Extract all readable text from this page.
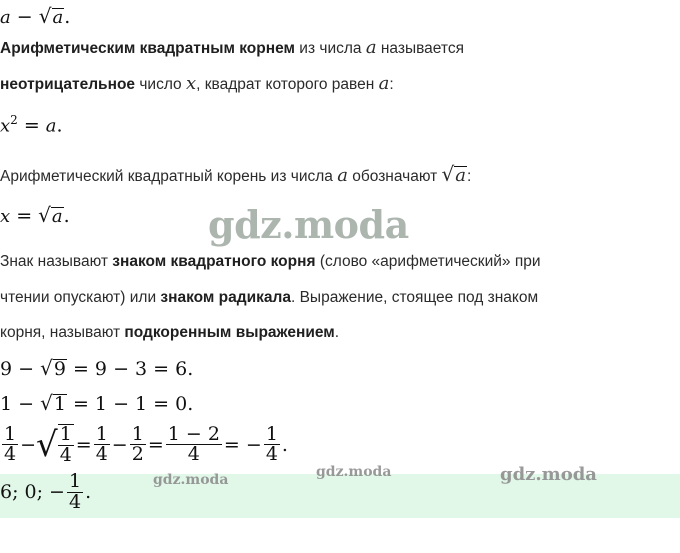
a − √a.
Арифметическим квадратным корнем из числа a называется
неотрицательное число x, квадрат которого равен a:
$x^2 = a$.
Арифметический квадратный корень из числа a обозначают √a:
x = √a.	gdz.moda
Знак называют знаком квадратного корня (слово «арифметический» при
чтении опускают) или знаком радикала. Выражение, стоящее под знаком
корня, называют подкоренным выражением.
9 − √9 = 9 − 3 = 6.
1 − √1 = 1 − 1 = 0.
$\frac{1}{4}$ − √ $\frac{1}{4} = \frac{1}{4} - \frac{1}{2} = \frac{1 - 2}{4}$ = − $\frac{1}{4}$ .
6; 0; − $\frac{1}{4}$ .
gdz.moda	gdz.moda	gdz.moda
